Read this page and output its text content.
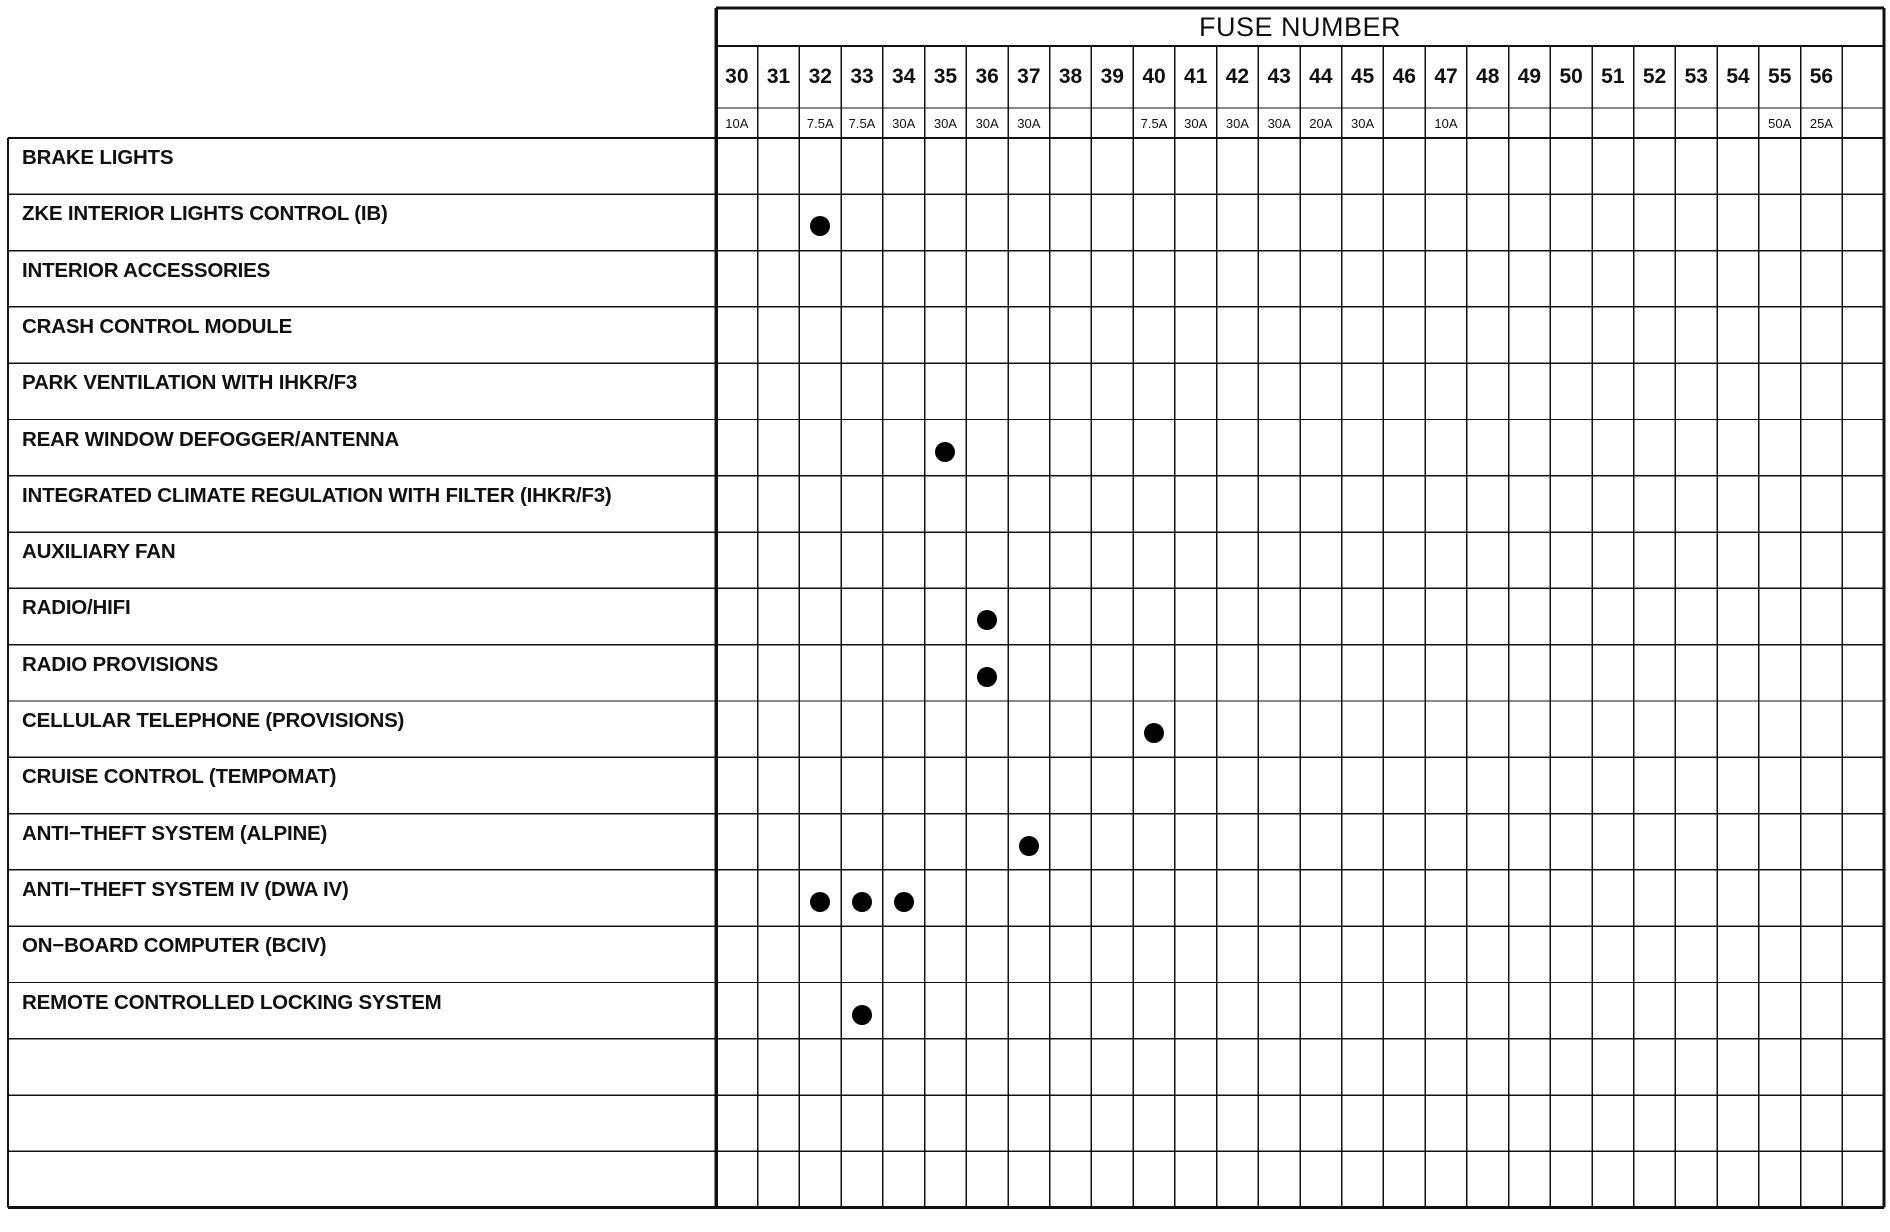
FUSE NUMBER
30
10A
31 32
7.5A
33
7.5A
34
30A
35
30A
36
30A
37
30A
38 39 40
7.5A
41
30A
42
30A
43
30A
44
20A
45
30A
46 47
10A
48 49 50 51 52 53 54 55
50A
56
25A
BRAKE LIGHTS
ZKE INTERIOR LIGHTS CONTROL (IB)
INTERIOR ACCESSORIES
CRASH CONTROL MODULE
PARK VENTILATION WITH IHKR/F3
REAR WINDOW DEFOGGER/ANTENNA
INTEGRATED CLIMATE REGULATION WITH FILTER (IHKR/F3)
AUXILIARY FAN
RADIO/HIFI
RADIO PROVISIONS
CELLULAR TELEPHONE (PROVISIONS)
CRUISE CONTROL (TEMPOMAT)
ANTI−THEFT SYSTEM (ALPINE)
ANTI−THEFT SYSTEM IV (DWA IV)
ON−BOARD COMPUTER (BCIV)
REMOTE CONTROLLED LOCKING SYSTEM
